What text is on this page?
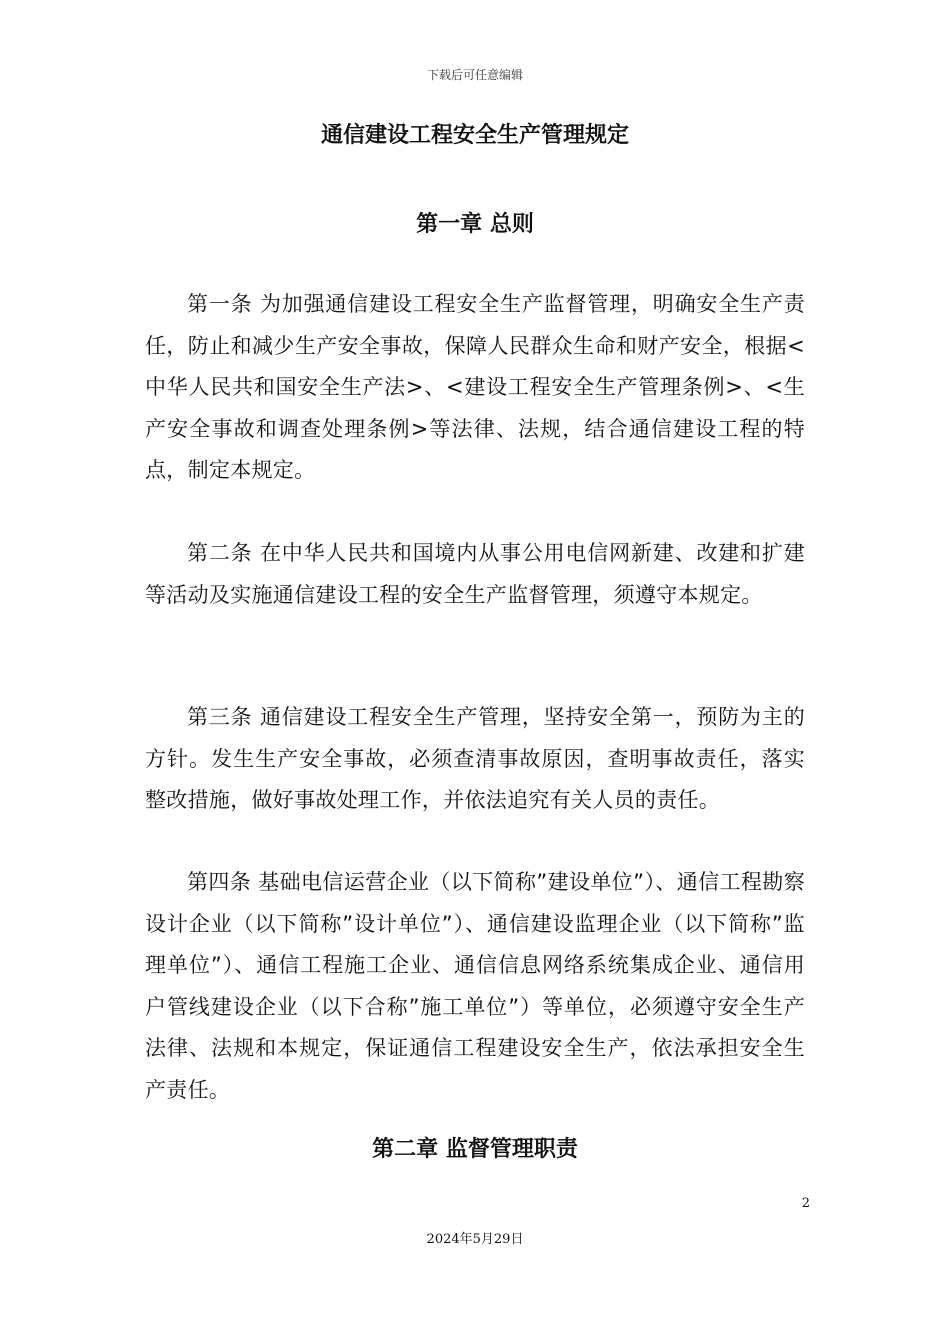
下载后可任意编辑
通信建设工程安全生产管理规定
第一章 总则

第一条 为加强通信建设工程安全生产监督管理，明确安全生产责任，防止和减少生产安全事故，保障人民群众生命和财产安全，根据<中华人民共和国安全生产法>、<建设工程安全生产管理条例>、<生产安全事故和调查处理条例>等法律、法规，结合通信建设工程的特点，制定本规定。

第二条 在中华人民共和国境内从事公用电信网新建、改建和扩建等活动及实施通信建设工程的安全生产监督管理，须遵守本规定。

第三条 通信建设工程安全生产管理，坚持安全第一，预防为主的方针。发生生产安全事故，必须查清事故原因，查明事故责任，落实整改措施，做好事故处理工作，并依法追究有关人员的责任。

第四条 基础电信运营企业（以下简称”建设单位”）、通信工程勘察设计企业（以下简称”设计单位”）、通信建设监理企业（以下简称”监理单位”）、通信工程施工企业、通信信息网络系统集成企业、通信用户管线建设企业（以下合称”施工单位”）等单位，必须遵守安全生产法律、法规和本规定，保证通信工程建设安全生产，依法承担安全生产责任。

第二章 监督管理职责
2
2024年5月29日
